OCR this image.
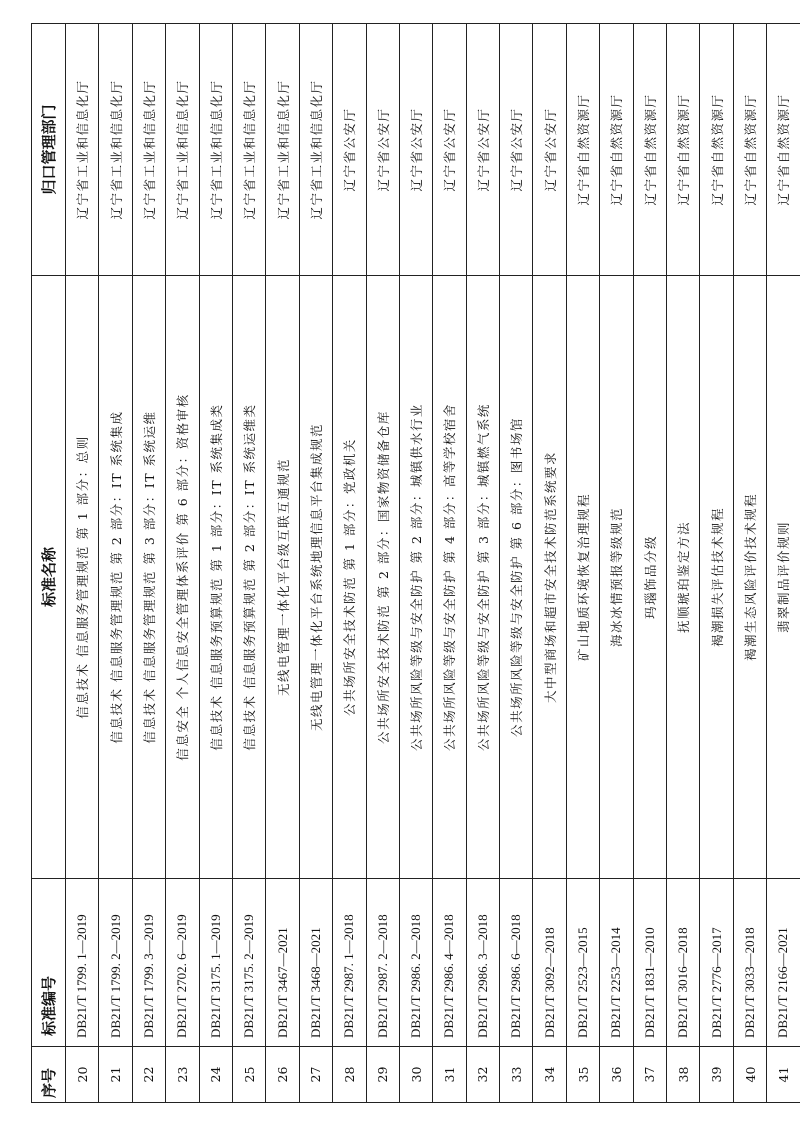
序号	标准编号	标准名称	归口管理部门
20	DB21/T 1799. 1—2019	信息技术 信息服务管理规范 第 1 部分：总则	辽宁省工业和信息化厅
21	DB21/T 1799. 2—2019	信息技术 信息服务管理规范 第 2 部分：IT 系统集成	辽宁省工业和信息化厅
22	DB21/T 1799. 3—2019	信息技术 信息服务管理规范 第 3 部分：IT 系统运维	辽宁省工业和信息化厅
23	DB21/T 2702. 6—2019	信息安全 个人信息安全管理体系评价 第 6 部分：资格审核	辽宁省工业和信息化厅
24	DB21/T 3175. 1—2019	信息技术 信息服务预算规范 第 1 部分：IT 系统集成类	辽宁省工业和信息化厅
25	DB21/T 3175. 2—2019	信息技术 信息服务预算规范 第 2 部分：IT 系统运维类	辽宁省工业和信息化厅
26	DB21/T 3467—2021	无线电管理一体化平台级互联互通规范	辽宁省工业和信息化厅
27	DB21/T 3468—2021	无线电管理一体化平台系统地理信息平台集成规范	辽宁省工业和信息化厅
28	DB21/T 2987. 1—2018	公共场所安全技术防范 第 1 部分：党政机关	辽宁省公安厅
29	DB21/T 2987. 2—2018	公共场所安全技术防范 第 2 部分：国家物资储备仓库	辽宁省公安厅
30	DB21/T 2986. 2—2018	公共场所风险等级与安全防护 第 2 部分：城镇供水行业	辽宁省公安厅
31	DB21/T 2986. 4—2018	公共场所风险等级与安全防护 第 4 部分：高等学校宿舍	辽宁省公安厅
32	DB21/T 2986. 3—2018	公共场所风险等级与安全防护 第 3 部分：城镇燃气系统	辽宁省公安厅
33	DB21/T 2986. 6—2018	公共场所风险等级与安全防护 第 6 部分：图书场馆	辽宁省公安厅
34	DB21/T 3092—2018	大中型商场和超市安全技术防范系统要求	辽宁省公安厅
35	DB21/T 2523—2015	矿山地质环境恢复治理规程	辽宁省自然资源厅
36	DB21/T 2253—2014	海冰冰情预报等级规范	辽宁省自然资源厅
37	DB21/T 1831—2010	玛瑙饰品分级	辽宁省自然资源厅
38	DB21/T 3016—2018	抚顺琥珀鉴定方法	辽宁省自然资源厅
39	DB21/T 2776—2017	褐潮损失评估技术规程	辽宁省自然资源厅
40	DB21/T 3033—2018	褐潮生态风险评价技术规程	辽宁省自然资源厅
41	DB21/T 2166—2021	翡翠制品评价规则	辽宁省自然资源厅
